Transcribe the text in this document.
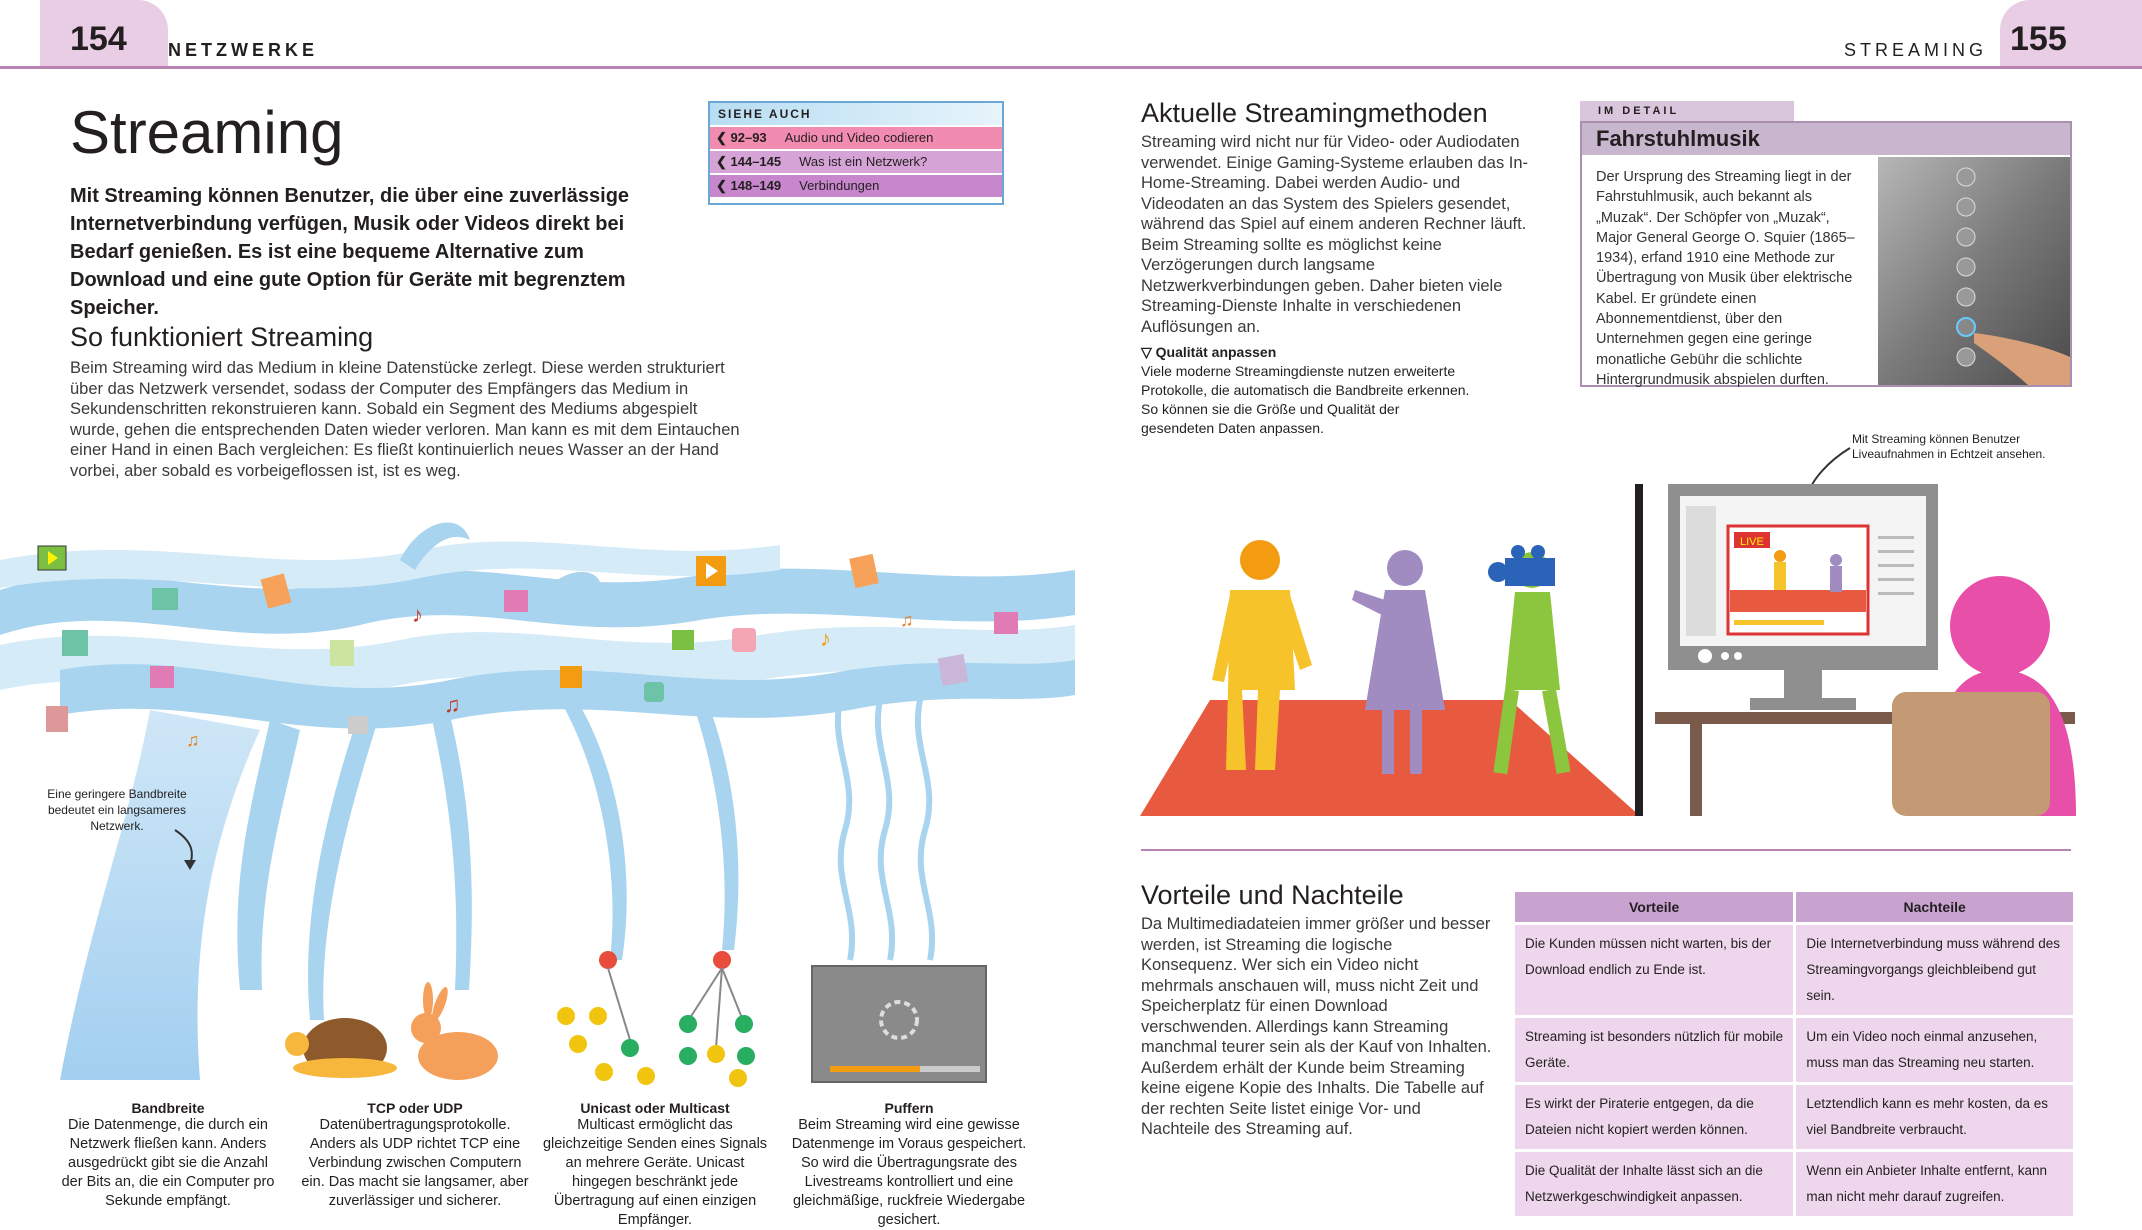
154 NETZWERKE	STREAMING 155
Streaming
Mit Streaming können Benutzer, die über eine zuverlässige Internetverbindung verfügen, Musik oder Videos direkt bei Bedarf genießen. Es ist eine bequeme Alternative zum Download und eine gute Option für Geräte mit begrenztem Speicher.
So funktioniert Streaming
Beim Streaming wird das Medium in kleine Datenstücke zerlegt. Diese werden strukturiert über das Netzwerk versendet, sodass der Computer des Empfängers das Medium in Sekundenschritten rekonstruieren kann. Sobald ein Segment des Mediums abgespielt wurde, gehen die entsprechenden Daten wieder verloren. Man kann es mit dem Eintauchen einer Hand in einen Bach vergleichen: Es fließt kontinuierlich neues Wasser an der Hand vorbei, aber sobald es vorbeigeflossen ist, ist es weg.
SIEHE AUCH
❮ 92–93 Audio und Video codieren
❮ 144–145 Was ist ein Netzwerk?
❮ 148–149 Verbindungen
♪
♪
♫
♫
♫
Eine geringere Bandbreite bedeutet ein langsameres Netzwerk.
Bandbreite
Die Datenmenge, die durch ein Netzwerk fließen kann. Anders ausgedrückt gibt sie die Anzahl der Bits an, die ein Computer pro Sekunde empfängt.
TCP oder UDP
Datenübertragungsprotokolle. Anders als UDP richtet TCP eine Verbindung zwischen Computern ein. Das macht sie langsamer, aber zuverlässiger und sicherer.
Unicast oder Multicast
Multicast ermöglicht das gleichzeitige Senden eines Signals an mehrere Geräte. Unicast hingegen beschränkt jede Übertragung auf einen einzigen Empfänger.
Puffern
Beim Streaming wird eine gewisse Datenmenge im Voraus gespeichert. So wird die Übertragungsrate des Livestreams kontrolliert und eine gleichmäßige, ruckfreie Wiedergabe gesichert.
Aktuelle Streamingmethoden
Streaming wird nicht nur für Video- oder Audiodaten verwendet. Einige Gaming-Systeme erlauben das In-Home-Streaming. Dabei werden Audio- und Videodaten an das System des Spielers gesendet, während das Spiel auf einem anderen Rechner läuft. Beim Streaming sollte es möglichst keine Verzögerungen durch langsame Netzwerkverbindungen geben. Daher bieten viele Streaming-Dienste Inhalte in verschiedenen Auflösungen an.
▽ Qualität anpassen
Viele moderne Streamingdienste nutzen erweiterte Protokolle, die automatisch die Bandbreite erkennen. So können sie die Größe und Qualität der gesendeten Daten anpassen.
IM DETAIL
Fahrstuhlmusik
Der Ursprung des Streaming liegt in der Fahrstuhlmusik, auch bekannt als „Muzak“. Der Schöpfer von „Muzak“, Major General George O. Squier (1865–1934), erfand 1910 eine Methode zur Übertragung von Musik über elektrische Kabel. Er gründete einen Abonnementdienst, über den Unternehmen gegen eine geringe monatliche Gebühr die schlichte Hintergrundmusik abspielen durften.
Mit Streaming können Benutzer Liveaufnahmen in Echtzeit ansehen.
LIVE
Vorteile und Nachteile
Da Multimediadateien immer größer und besser werden, ist Streaming die logische Konsequenz. Wer sich ein Video nicht mehrmals anschauen will, muss nicht Zeit und Speicherplatz für einen Download verschwenden. Allerdings kann Streaming manchmal teurer sein als der Kauf von Inhalten. Außerdem erhält der Kunde beim Streaming keine eigene Kopie des Inhalts. Die Tabelle auf der rechten Seite listet einige Vor- und Nachteile des Streaming auf.
Vorteile	Nachteile
Die Kunden müssen nicht warten, bis der Download endlich zu Ende ist.	Die Internetverbindung muss während des Streamingvorgangs gleichbleibend gut sein.
Streaming ist besonders nützlich für mobile Geräte.	Um ein Video noch einmal anzusehen, muss man das Streaming neu starten.
Es wirkt der Piraterie entgegen, da die Dateien nicht kopiert werden können.	Letztendlich kann es mehr kosten, da es viel Bandbreite verbraucht.
Die Qualität der Inhalte lässt sich an die Netzwerkgeschwindigkeit anpassen.	Wenn ein Anbieter Inhalte entfernt, kann man nicht mehr darauf zugreifen.
